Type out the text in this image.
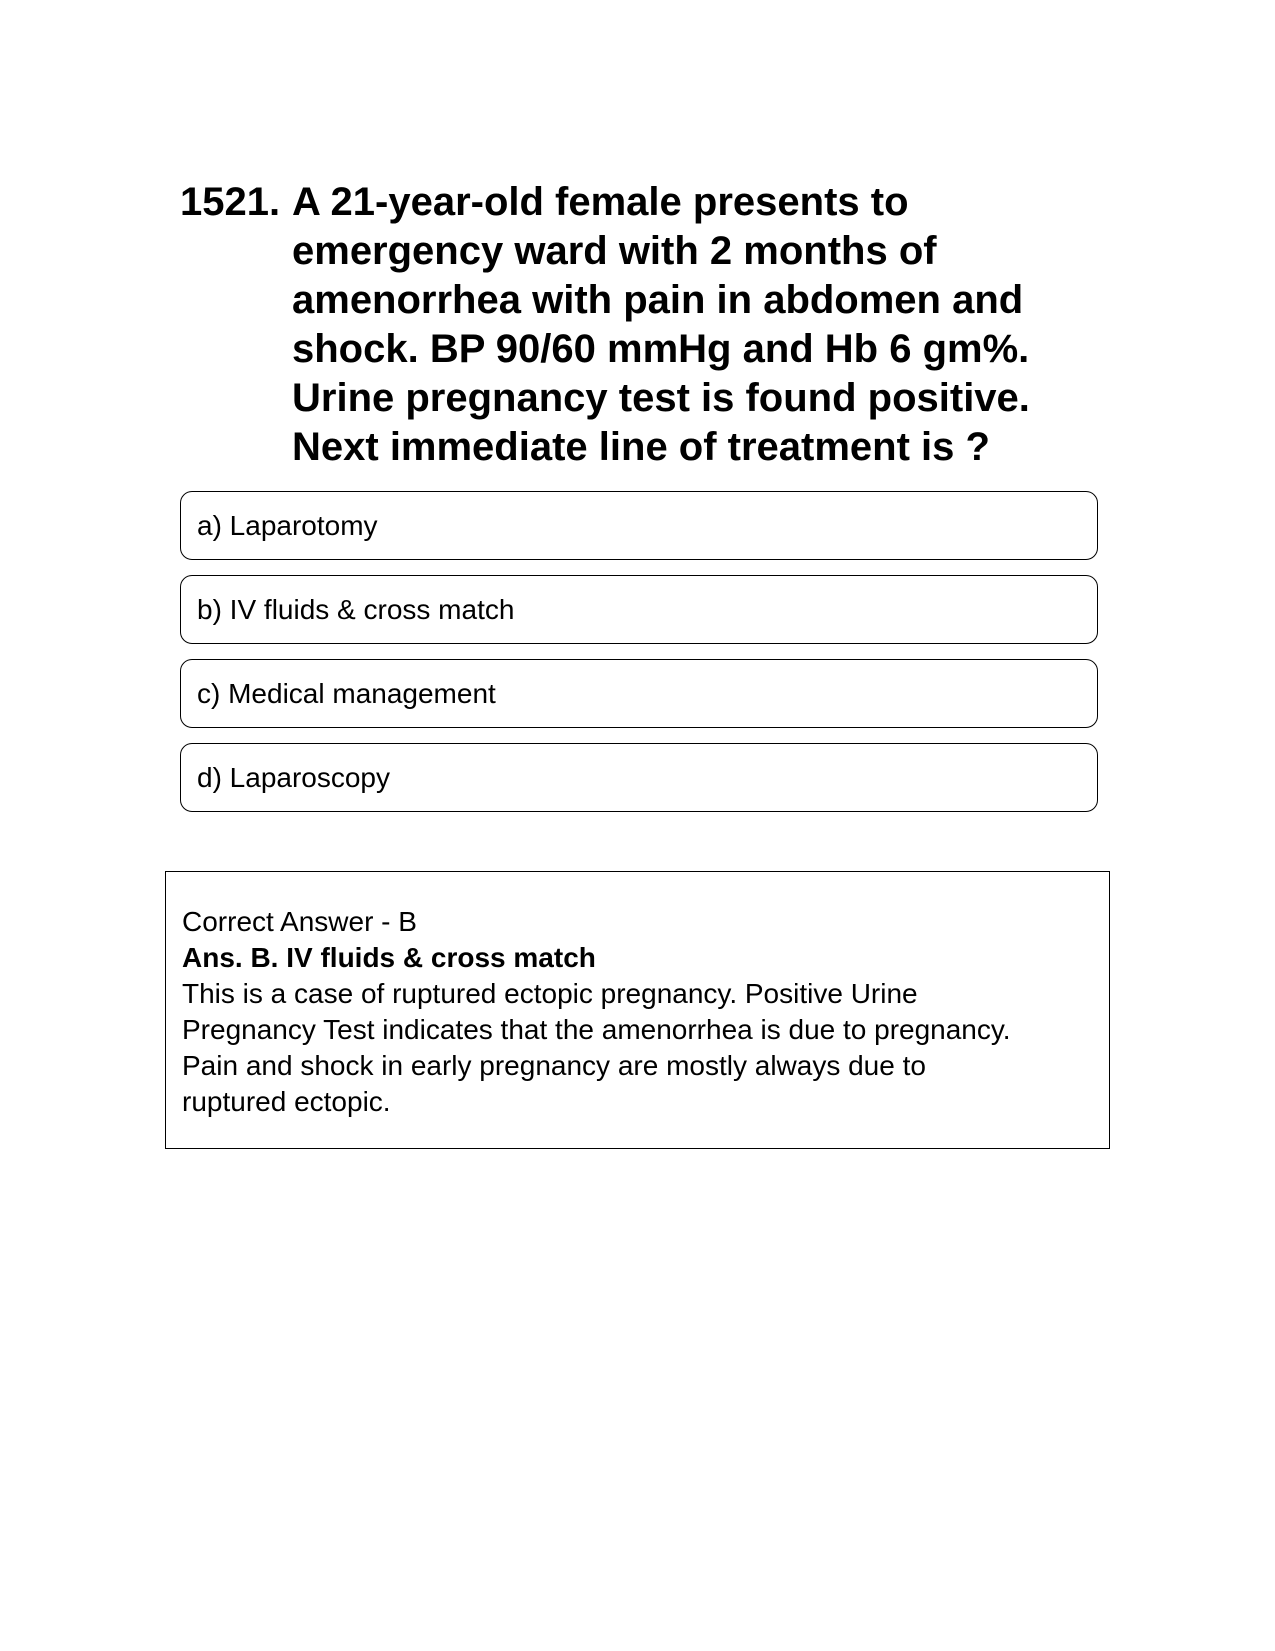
1521. A 21-year-old female presents to
emergency ward with 2 months of
amenorrhea with pain in abdomen and
shock. BP 90/60 mmHg and Hb 6 gm%.
Urine pregnancy test is found positive.
Next immediate line of treatment is ?

a) Laparotomy
b) IV fluids & cross match
c) Medical management
d) Laparoscopy

Correct Answer - B

Ans. B. IV fluids & cross match

This is a case of ruptured ectopic pregnancy. Positive Urine
Pregnancy Test indicates that the amenorrhea is due to pregnancy.
Pain and shock in early pregnancy are mostly always due to
ruptured ectopic.
